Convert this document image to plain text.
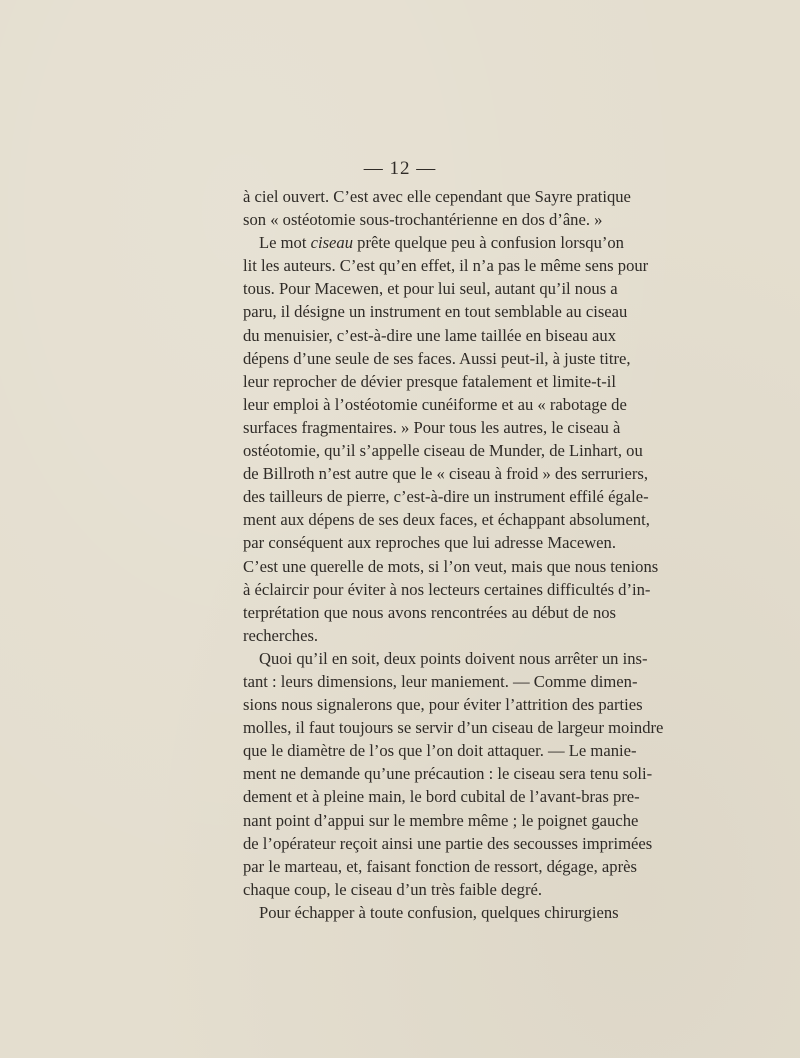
— 12 —
à ciel ouvert. C’est avec elle cependant que Sayre pratique
son « ostéotomie sous-trochantérienne en dos d’âne. »
Le mot ciseau prête quelque peu à confusion lorsqu’on
lit les auteurs. C’est qu’en effet, il n’a pas le même sens pour
tous. Pour Macewen, et pour lui seul, autant qu’il nous a
paru, il désigne un instrument en tout semblable au ciseau
du menuisier, c’est-à-dire une lame taillée en biseau aux
dépens d’une seule de ses faces. Aussi peut-il, à juste titre,
leur reprocher de dévier presque fatalement et limite-t-il
leur emploi à l’ostéotomie cunéiforme et au « rabotage de
surfaces fragmentaires. » Pour tous les autres, le ciseau à
ostéotomie, qu’il s’appelle ciseau de Munder, de Linhart, ou
de Billroth n’est autre que le « ciseau à froid » des serruriers,
des tailleurs de pierre, c’est-à-dire un instrument effilé égale-
ment aux dépens de ses deux faces, et échappant absolument,
par conséquent aux reproches que lui adresse Macewen.
C’est une querelle de mots, si l’on veut, mais que nous tenions
à éclaircir pour éviter à nos lecteurs certaines difficultés d’in-
terprétation que nous avons rencontrées au début de nos
recherches.
Quoi qu’il en soit, deux points doivent nous arrêter un ins-
tant : leurs dimensions, leur maniement. — Comme dimen-
sions nous signalerons que, pour éviter l’attrition des parties
molles, il faut toujours se servir d’un ciseau de largeur moindre
que le diamètre de l’os que l’on doit attaquer. — Le manie-
ment ne demande qu’une précaution : le ciseau sera tenu soli-
dement et à pleine main, le bord cubital de l’avant-bras pre-
nant point d’appui sur le membre même ; le poignet gauche
de l’opérateur reçoit ainsi une partie des secousses imprimées
par le marteau, et, faisant fonction de ressort, dégage, après
chaque coup, le ciseau d’un très faible degré.
Pour échapper à toute confusion, quelques chirurgiens
